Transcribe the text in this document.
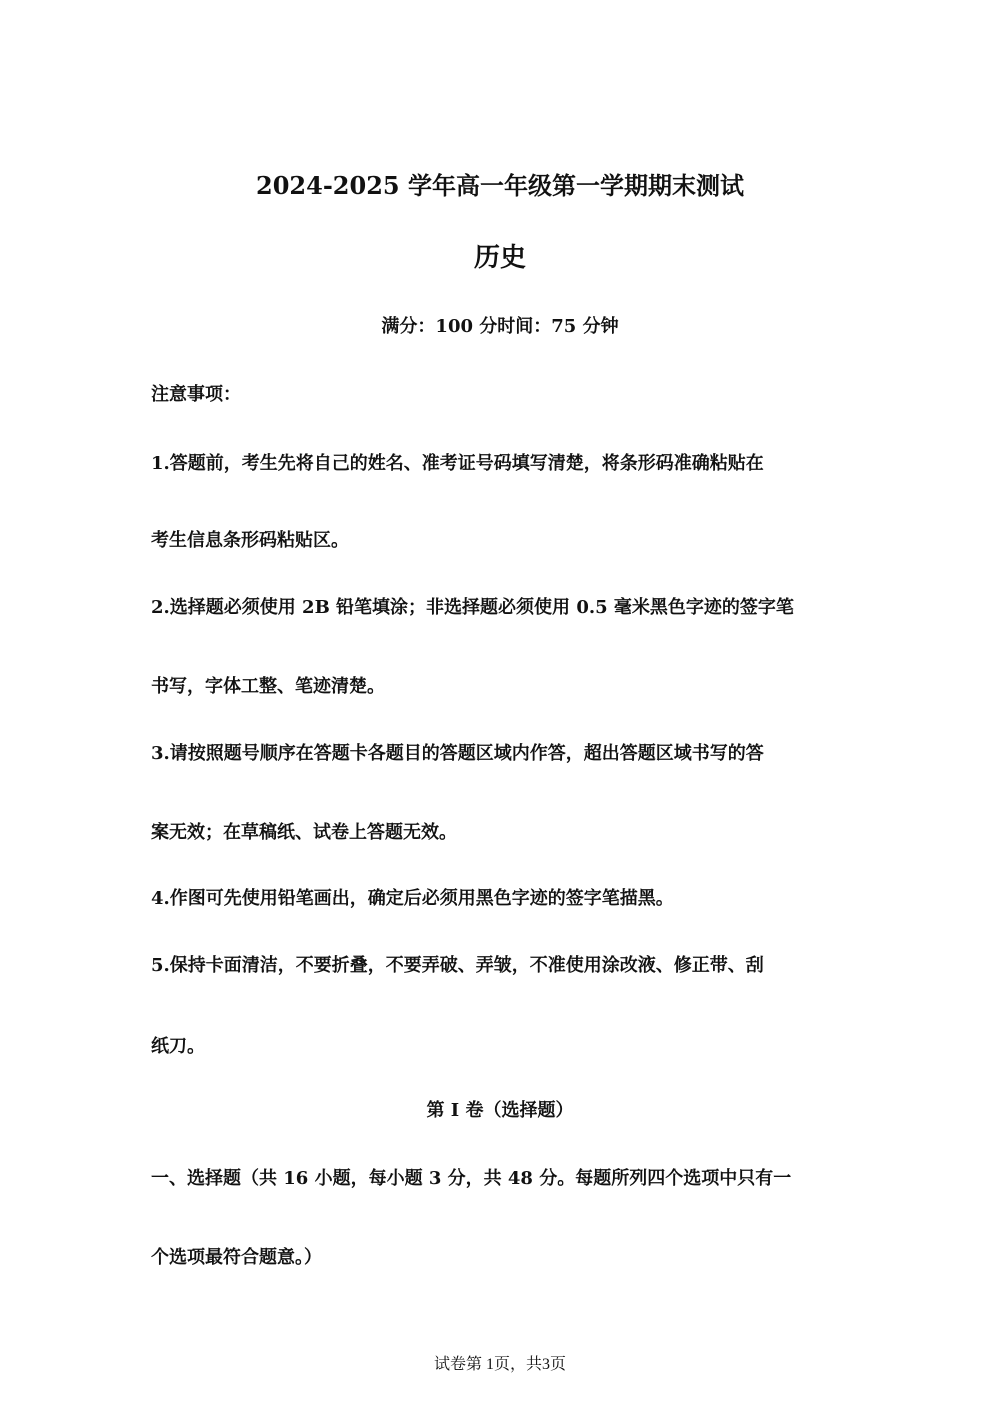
2024-2025 学年高一年级第一学期期末测试
历史
满分：100 分时间：75 分钟
注意事项：
1.答题前，考生先将自己的姓名、准考证号码填写清楚，将条形码准确粘贴在
考生信息条形码粘贴区。
2.选择题必须使用 2B 铅笔填涂；非选择题必须使用 0.5 毫米黑色字迹的签字笔
书写，字体工整、笔迹清楚。
3.请按照题号顺序在答题卡各题目的答题区域内作答，超出答题区域书写的答
案无效；在草稿纸、试卷上答题无效。
4.作图可先使用铅笔画出，确定后必须用黑色字迹的签字笔描黑。
5.保持卡面清洁，不要折叠，不要弄破、弄皱，不准使用涂改液、修正带、刮
纸刀。
第 I 卷（选择题）
一、选择题（共 16 小题，每小题 3 分，共 48 分。每题所列四个选项中只有一
个选项最符合题意。）
试卷第 1页，共3页
